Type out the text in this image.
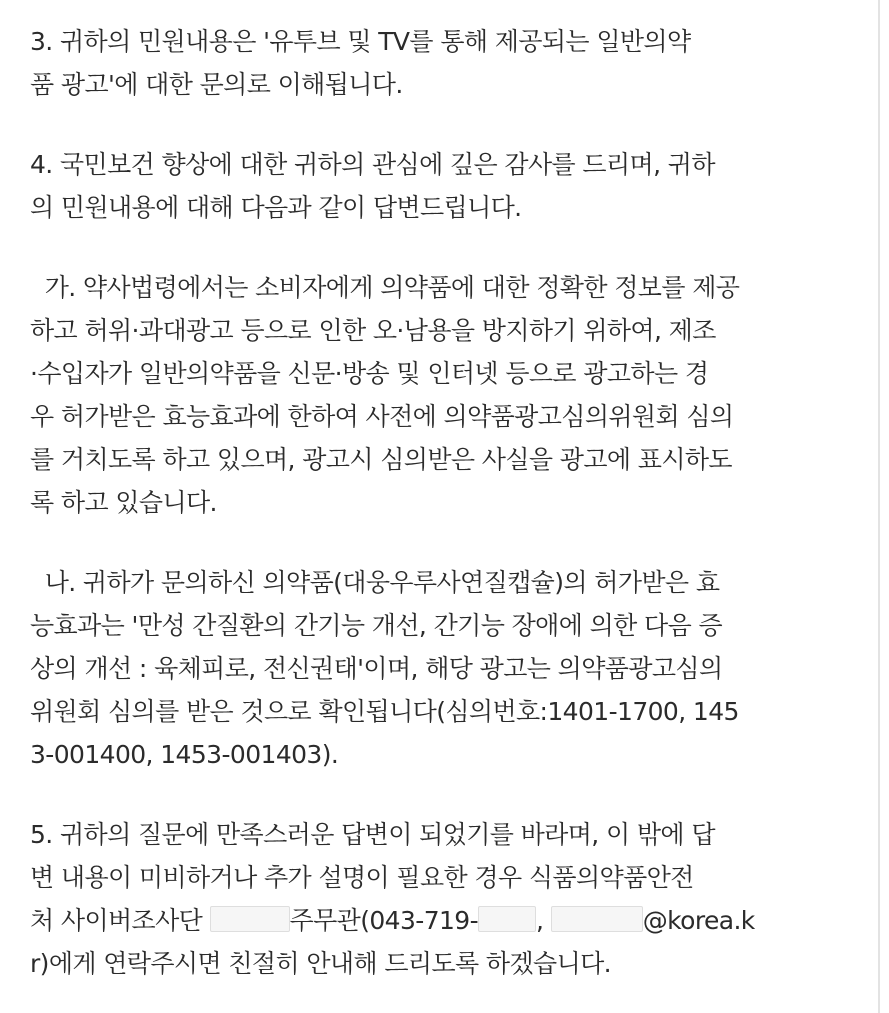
3. 귀하의 민원내용은 '유투브 및 TV를 통해 제공되는 일반의약
품 광고'에 대한 문의로 이해됩니다.
4. 국민보건 향상에 대한 귀하의 관심에 깊은 감사를 드리며, 귀하
의 민원내용에 대해 다음과 같이 답변드립니다.
가. 약사법령에서는 소비자에게 의약품에 대한 정확한 정보를 제공
하고 허위·과대광고 등으로 인한 오·남용을 방지하기 위하여, 제조
·수입자가 일반의약품을 신문·방송 및 인터넷 등으로 광고하는 경
우 허가받은 효능효과에 한하여 사전에 의약품광고심의위원회 심의
를 거치도록 하고 있으며, 광고시 심의받은 사실을 광고에 표시하도
록 하고 있습니다.
나. 귀하가 문의하신 의약품(대웅우루사연질캡슐)의 허가받은 효
능효과는 '만성 간질환의 간기능 개선, 간기능 장애에 의한 다음 증
상의 개선 : 육체피로, 전신권태'이며, 해당 광고는 의약품광고심의
위원회 심의를 받은 것으로 확인됩니다(심의번호:1401-1700, 145
3-001400, 1453-001403).
5. 귀하의 질문에 만족스러운 답변이 되었기를 바라며, 이 밖에 답
변 내용이 미비하거나 추가 설명이 필요한 경우 식품의약품안전
처 사이버조사단	주무관(043-719- ,	@korea.k
r)에게 연락주시면 친절히 안내해 드리도록 하겠습니다.
